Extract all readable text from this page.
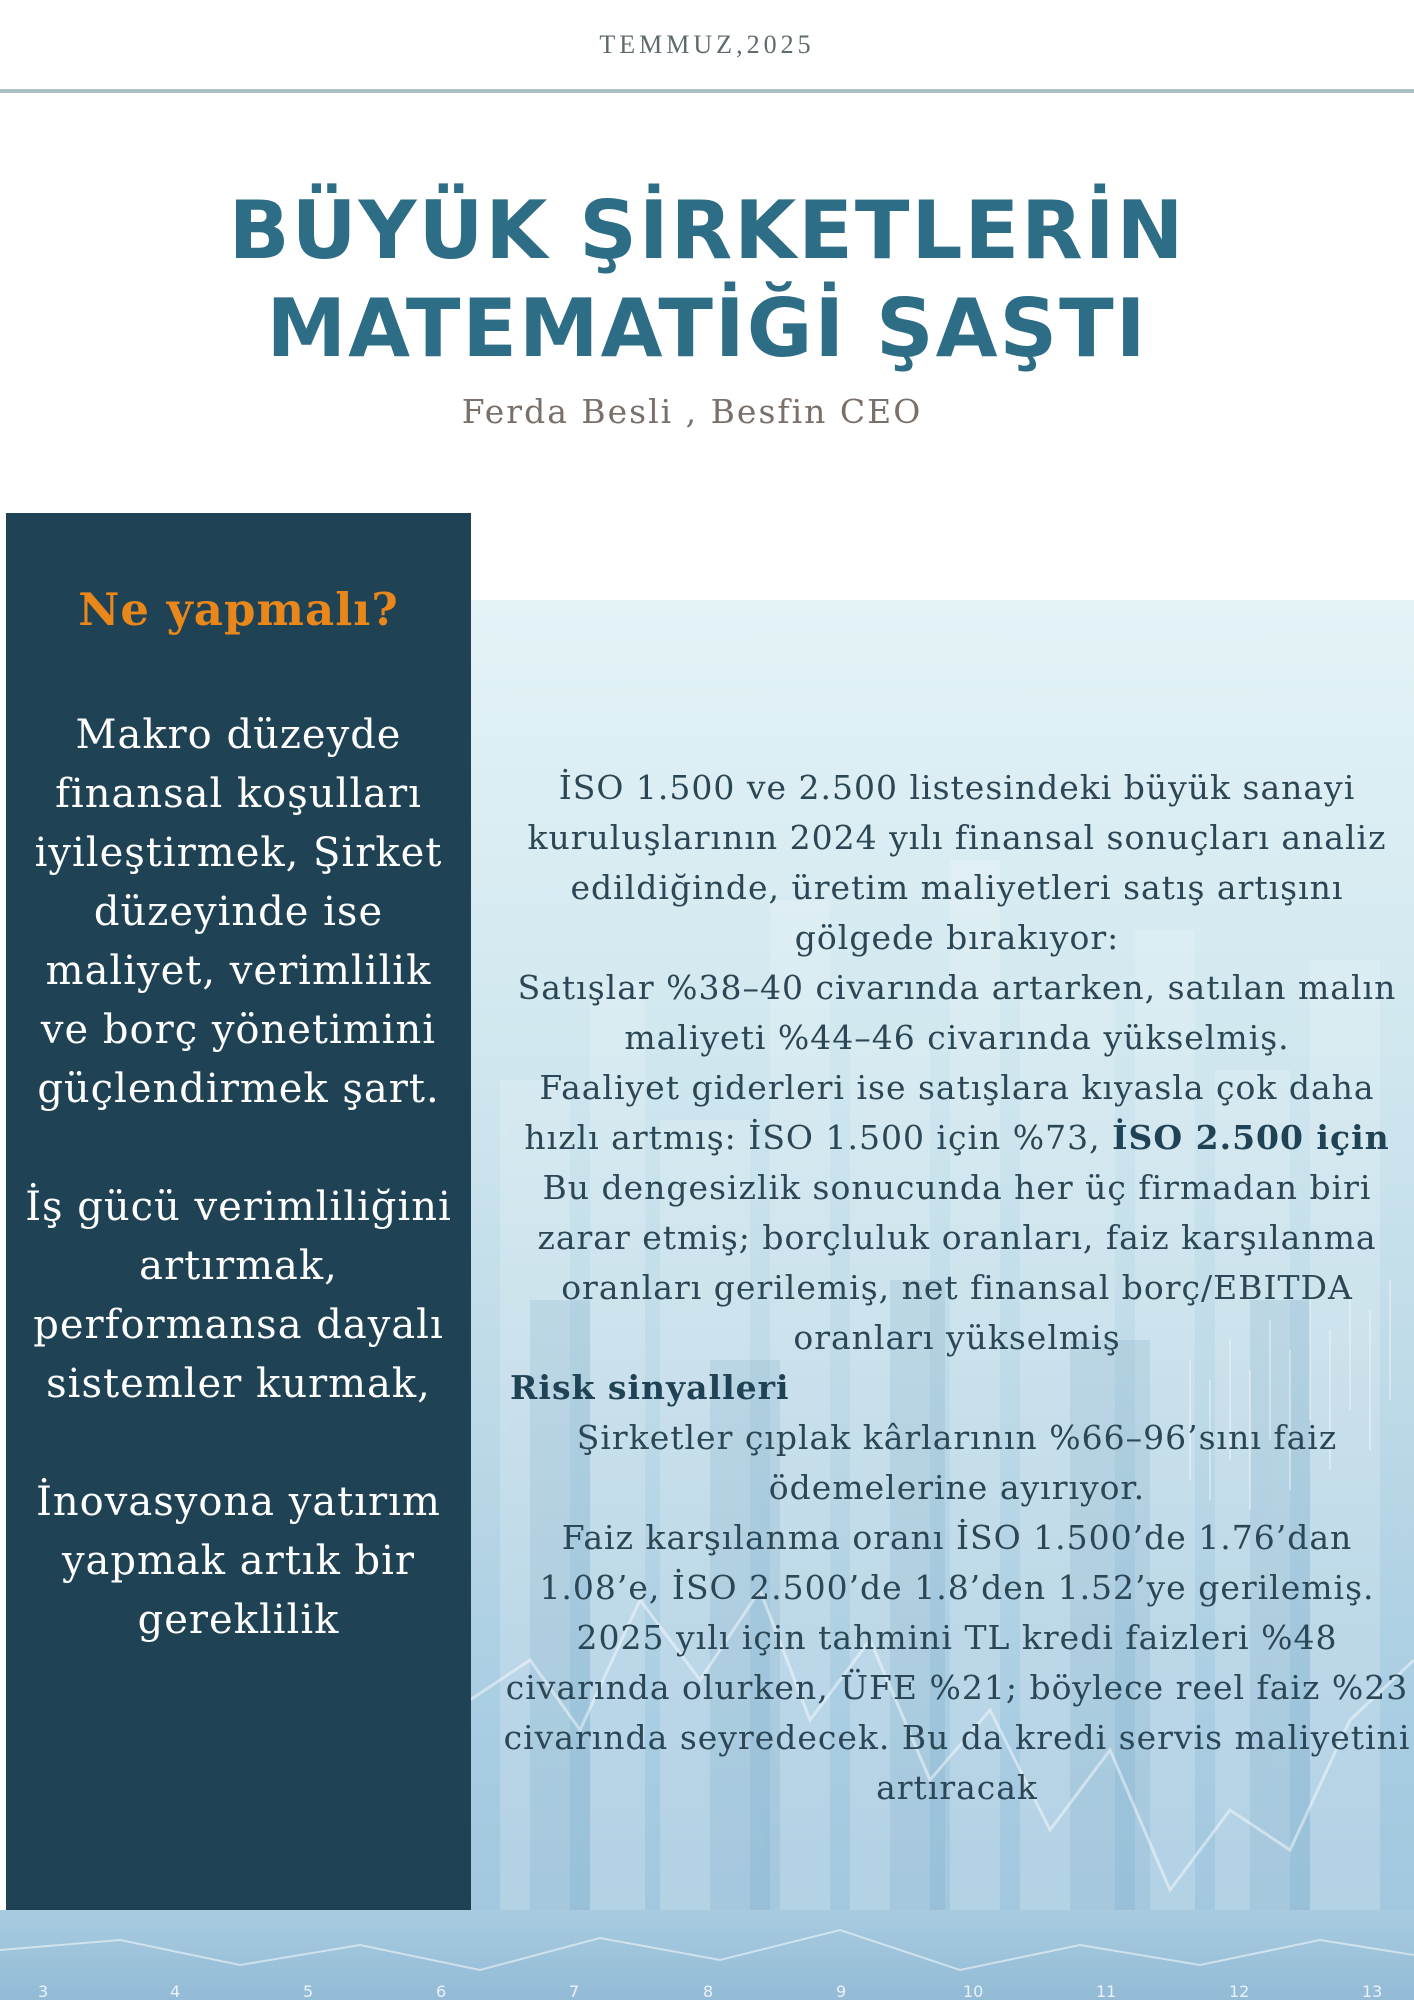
TEMMUZ,2025
BÜYÜK ŞİRKETLERİN
MATEMATİĞİ ŞAŞTI
Ferda Besli , Besfin CEO
3	4	5	6	7	8	9	10	11	12	13
Ne yapmalı?

Makro düzeyde finansal koşulları iyileştirmek, Şirket düzeyinde ise maliyet, verimlilik ve borç yönetimini güçlendirmek şart.

İş gücü verimliliğini artırmak, performansa dayalı sistemler kurmak,

İnovasyona yatırım yapmak artık bir gereklilik

İSO 1.500 ve 2.500 listesindeki büyük sanayi kuruluşlarının 2024 yılı finansal sonuçları analiz edildiğinde, üretim maliyetleri satış artışını gölgede bırakıyor:
Satışlar %38–40 civarında artarken, satılan malın maliyeti %44–46 civarında yükselmiş.
Faaliyet giderleri ise satışlara kıyasla çok daha hızlı artmış: İSO 1.500 için %73, İSO 2.500 için
Bu dengesizlik sonucunda her üç firmadan biri zarar etmiş; borçluluk oranları, faiz karşılanma oranları gerilemiş, net finansal borç/EBITDA oranları yükselmiş
Risk sinyalleri
Şirketler çıplak kârlarının %66–96’sını faiz ödemelerine ayırıyor.
Faiz karşılanma oranı İSO 1.500’de 1.76’dan 1.08’e, İSO 2.500’de 1.8’den 1.52’ye gerilemiş.
2025 yılı için tahmini TL kredi faizleri %48 civarında olurken, ÜFE %21; böylece reel faiz %23 civarında seyredecek. Bu da kredi servis maliyetini artıracak
